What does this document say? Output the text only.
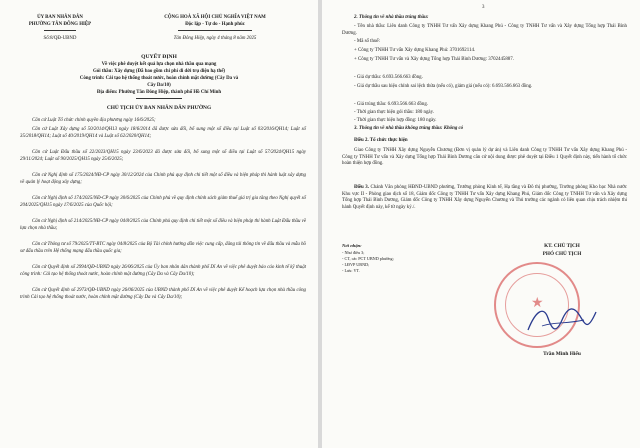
ỦY BAN NHÂN DÂN
PHƯỜNG TÂN ĐÔNG HIỆP
Số:8/QĐ-UBND
CỘNG HOÀ XÃ HỘI CHỦ NGHĨA VIỆT NAM
Độc lập - Tự do - Hạnh phúc
Tân Đông Hiệp, ngày 4 tháng 8 năm 2025
QUYẾT ĐỊNH
Về việc phê duyệt kết quả lựa chọn nhà thầu qua mạng
Gói thầu: Xây dựng (Đã bao gồm chi phí di dời trụ điện hạ thế)
Công trình: Cải tạo hệ thống thoát nước, hoàn chỉnh mặt đường (Cây Da và
Cây Da/10)
Địa điểm: Phường Tân Đông Hiệp, thành phố Hồ Chí Minh
CHỦ TỊCH ỦY BAN NHÂN DÂN PHƯỜNG
Căn cứ Luật Tổ chức chính quyền địa phương ngày 16/6/2025;
Căn cứ Luật Xây dựng số 50/2014/QH13 ngày 18/6/2014 đã được sửa đổi, bổ sung một số điều tại Luật số 03/2016/QH14; Luật số 35/2018/QH14; Luật số 40/2019/QH14 và Luật số 62/2020/QH14;
Căn cứ Luật Đấu thầu số 22/2023/QH15 ngày 23/6/2023 đã được sửa đổi, bổ sung một số điều tại Luật số 57/2024/QH15 ngày 29/11/2024; Luật số 90/2025/QH15 ngày 25/6/2025;
Căn cứ Nghị định số 175/2024/NĐ-CP ngày 30/12/2024 của Chính phủ quy định chi tiết một số điều và biện pháp thi hành luật xây dựng về quản lý hoạt động xây dựng;
Căn cứ Nghị định số 174/2025/NĐ-CP ngày 30/6/2025 của Chính phủ về quy định chính sách giảm thuế giá trị gia tăng theo Nghị quyết số 204/2025/QH15 ngày 17/6/2025 của Quốc hội;
Căn cứ Nghị định số 214/2025/NĐ-CP ngày 04/8/2025 của Chính phủ quy định chi tiết một số điều và biện pháp thi hành Luật Đấu thầu về lựa chọn nhà thầu;
Căn cứ Thông tư số 79/2025/TT-BTC ngày 04/8/2025 của Bộ Tài chính hướng dẫn việc cung cấp, đăng tải thông tin về đấu thầu và mẫu hồ sơ đấu thầu trên Hệ thống mạng đấu thầu quốc gia;
Căn cứ Quyết định số 2994/QĐ-UBND ngày 26/06/2025 của Ủy ban nhân dân thành phố Dĩ An về việc phê duyệt báo cáo kinh tế kỹ thuật công trình: Cải tạo hệ thống thoát nước, hoàn chỉnh mặt đường (Cây Da và Cây Da/10);
Căn cứ Quyết định số 2973/QĐ-UBND ngày 26/06/2025 của UBND thành phố Dĩ An về việc phê duyệt Kế hoạch lựa chọn nhà thầu công trình Cải tạo hệ thống thoát nước, hoàn chỉnh mặt đường (Cây Da và Cây Da/10);
3
2. Thông tin về nhà thầu trúng thầu:
- Tên nhà thầu: Liên danh Công ty TNHH Tư vấn Xây dựng Khang Phú - Công ty TNHH Tư vấn và Xây dựng Tổng hợp Thái Bình Dương.
- Mã số thuế:
+ Công ty TNHH Tư vấn Xây dựng Khang Phú: 3701692114.
+ Công ty TNHH Tư vấn và Xây dựng Tổng hợp Thái Bình Dương: 3702445887.
- Giá dự thầu: 6.693.566.663 đồng.
- Giá dự thầu sau hiệu chỉnh sai lệch thừa (nếu có), giảm giá (nếu có): 6.693.566.663 đồng.
- Giá trúng thầu: 6.693.566.663 đồng.
- Thời gian thực hiện gói thầu: 180 ngày.
- Thời gian thực hiện hợp đồng: 180 ngày.
3. Thông tin về nhà thầu không trúng thầu: Không có
Điều 2. Tổ chức thực hiện
Giao Công ty TNHH Xây dựng Nguyễn Chương (Đơn vị quản lý dự án) và Liên danh Công ty TNHH Tư vấn Xây dựng Khang Phú - Công ty TNHH Tư vấn và Xây dựng Tổng hợp Thái Bình Dương căn cứ nội dung được phê duyệt tại Điều 1 Quyết định này, tiến hành tổ chức hoàn thiện hợp đồng.
Điều 3. Chánh Văn phòng HĐND-UBND phường, Trưởng phòng Kinh tế, Hạ tầng và Đô thị phường, Trưởng phòng Kho bạc Nhà nước Khu vực II - Phòng giao dịch số 18, Giám đốc Công ty TNHH Tư vấn Xây dựng Khang Phú, Giám đốc Công ty TNHH Tư vấn và Xây dựng Tổng hợp Thái Bình Dương, Giám đốc Công ty TNHH Xây dựng Nguyễn Chương và Thủ trưởng các ngành có liên quan chịu trách nhiệm thi hành Quyết định này, kể từ ngày ký./.
Nơi nhận:
- Như điều 3;
- CT, các PCT UBND phường;
- LĐVP UBND;
- Lưu: VT.
KT. CHỦ TỊCH
PHÓ CHỦ TỊCH
★
Trần Minh Hiếu
